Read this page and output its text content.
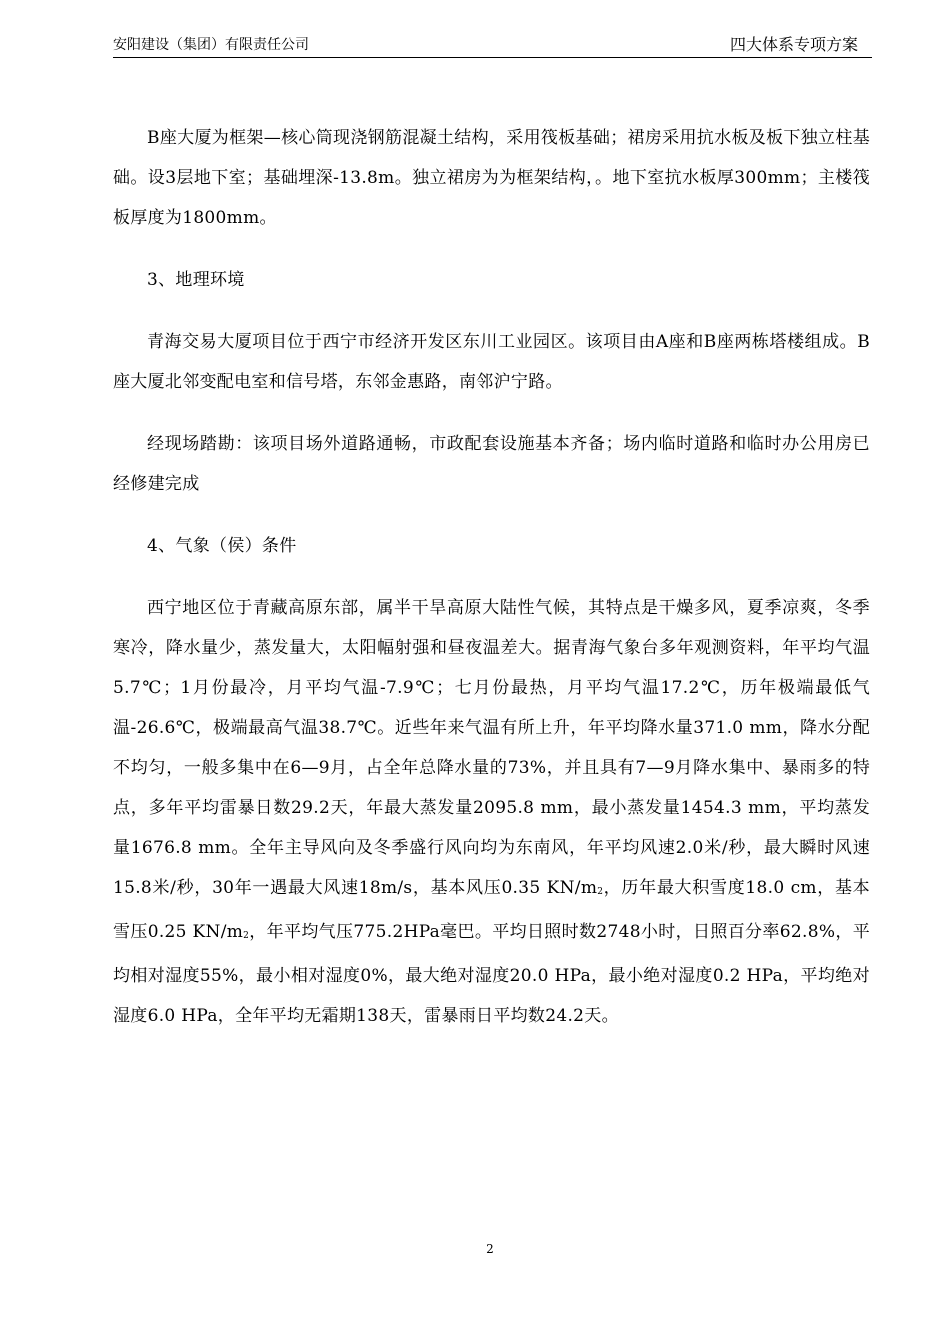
安阳建设（集团）有限责任公司	四大体系专项方案

B座大厦为框架—核心筒现浇钢筋混凝土结构，采用筏板基础；裙房采用抗水板及板下独立柱基础。设3层地下室；基础埋深-13.8m。独立裙房为为框架结构，。地下室抗水板厚300mm；主楼筏板厚度为1800mm。

3、地理环境

青海交易大厦项目位于西宁市经济开发区东川工业园区。该项目由A座和B座两栋塔楼组成。B座大厦北邻变配电室和信号塔，东邻金惠路，南邻沪宁路。

经现场踏勘：该项目场外道路通畅，市政配套设施基本齐备；场内临时道路和临时办公用房已经修建完成

4、气象（侯）条件

西宁地区位于青藏高原东部，属半干旱高原大陆性气候，其特点是干燥多风，夏季凉爽，冬季寒冷，降水量少，蒸发量大，太阳幅射强和昼夜温差大。据青海气象台多年观测资料，年平均气温5.7℃；1月份最冷，月平均气温-7.9℃；七月份最热，月平均气温17.2℃，历年极端最低气温-26.6℃，极端最高气温38.7℃。近些年来气温有所上升，年平均降水量371.0 mm，降水分配不均匀，一般多集中在6—9月，占全年总降水量的73%，并且具有7—9月降水集中、暴雨多的特点，多年平均雷暴日数29.2天，年最大蒸发量2095.8 mm，最小蒸发量1454.3 mm，平均蒸发量1676.8 mm。全年主导风向及冬季盛行风向均为东南风，年平均风速2.0米/秒，最大瞬时风速15.8米/秒，30年一遇最大风速18m/s，基本风压0.35 $KN/m_2$，历年最大积雪度18.0 cm，基本雪压0.25 $KN/m_2$，年平均气压775.2HPa毫巴。平均日照时数2748小时，日照百分率62.8%，平均相对湿度55%，最小相对湿度0%，最大绝对湿度20.0 HPa，最小绝对湿度0.2 HPa，平均绝对湿度6.0 HPa，全年平均无霜期138天，雷暴雨日平均数24.2天。

2
